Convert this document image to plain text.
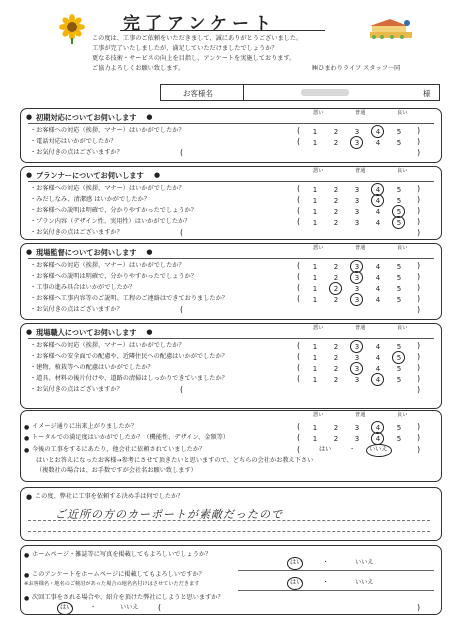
完了アンケート
この度は、工事のご依頼をいただきまして、誠にありがとうございました。
工事が完了いたしましたが、満足していただけましたでしょうか？
更なる技術・サービスの向上を目指し、アンケートを実施しております。
ご協力よろしくお願い致します。	㈱ひまわりライフ スタッフ一同
お客様名	様
● 初期対応についてお伺いします ●	悪い	普通	良い
・お客様への対応（挨拶、マナー）はいかがでしたか？	( 1 2 3 4 5 )
・電話対応はいかがでしたか？	( 1 2 3 4 5 )
・お気付きの点はございますか？	(	)
● プランナーについてお伺いします ●	悪い	普通	良い
・お客様への対応（挨拶、マナー）はいかがでしたか？	( 1 2 3 4 5 )
・みだしなみ、清潔感 はいかがでしたか？	( 1 2 3 4 5 )
・お客様への説明は明確で、分かりやすかったでしょうか？	( 1 2 3 4 5 )
・プラン内容（デザイン性、実用性）はいかがでしたか？	( 1 2 3 4 5 )
・お気付きの点はございますか？	(	)
● 現場監督についてお伺いします ●	悪い	普通	良い
・お客様への対応（挨拶、マナー）はいかがでしたか？	( 1 2 3 4 5 )
・お客様への説明は明確で、分かりやすかったでしょうか？	( 1 2 3 4 5 )
・工事の進み具合はいかがでしたか？	( 1 2 3 4 5 )
・お客様へ工事内容等のご説明、工程のご連絡はできておりましたか？	( 1 2 3 4 5 )
・お気付きの点はございますか？	(	)
● 現場職人についてお伺いします ●	悪い	普通	良い
・お客様への対応（挨拶、マナー）はいかがでしたか？	( 1 2 3 4 5 )
・お客様への安全面での配慮や、近隣住民への配慮はいかがでしたか？	( 1 2 3 4 5 )
・建物、植栽等への配慮はいかがでしたか？	( 1 2 3 4 5 )
・道具、材料の後片付けや、道路の清掃はしっかりできていましたか？	( 1 2 3 4 5 )
・お気付きの点はございますか？	(	)
悪い	普通	良い
● イメージ通りに出来上がりましたか？	( 1 2 3 4 5 )
● トータルでの満足度はいかがでしたか？（機能性、デザイン、金額等）	( 1 2 3 4 5 )
● 今後の工事をするにあたり、他会社に依頼されていましたか？	(	はい	・ いいえ	)
はいとお答えになったお客様→参考にさせて頂きたいと思いますので、どちらの会社かお教え下さい
（複数社の場合は、お手数ですが会社名お願い致します）
● この度、弊社に工事を依頼する決め手は何でしたか？
ご近所の方のカーポートが素敵だったので
● ホームページ・雑誌等に写真を掲載してもよろしいでしょうか？
はい	・	いいえ
● このアンケートをホームページに掲載してもよろしいですか？
※お客様名・地名のご検討があった場合の地名名付けはさせていただきます	はい	・	いいえ
● 次回工事をされる場合や、紹介を頂けた弊社にしようと思いますか？
はい	・	いいえ (	)
